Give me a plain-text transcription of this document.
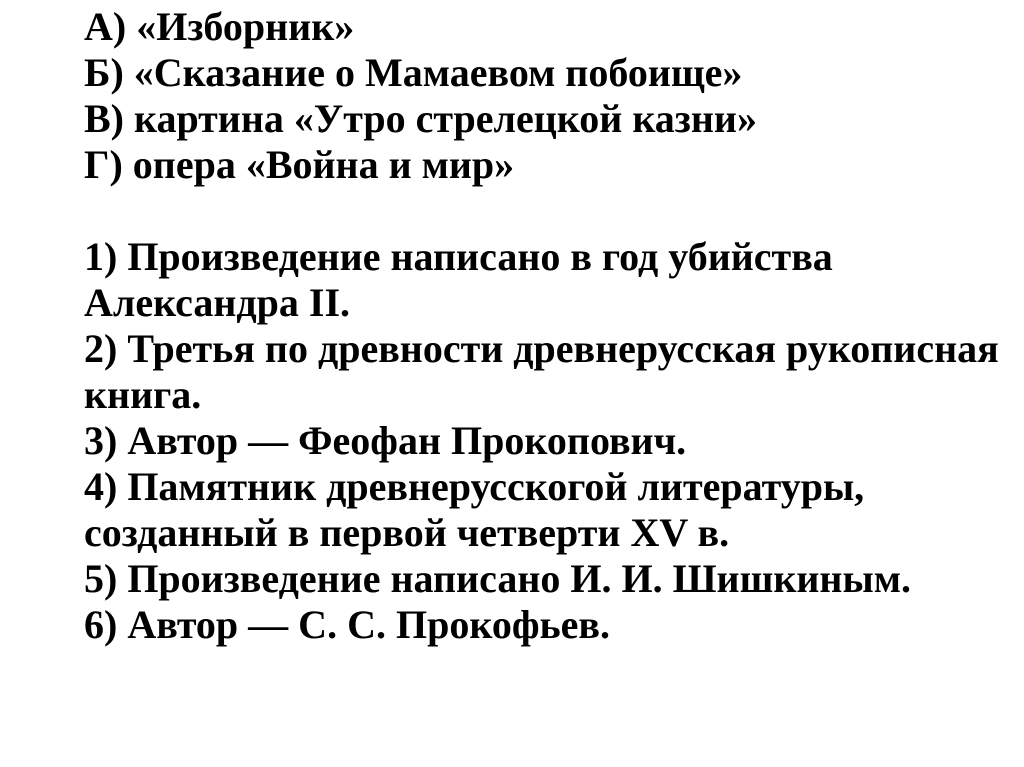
А) «Изборник»
Б) «Сказание о Мамаевом побоище»
В) картина «Утро стрелецкой казни»
Г) опера «Война и мир»
1) Произведение написано в год убийства
Александра II.
2) Третья по древности древнерусская рукописная
книга.
3) Автор — Феофан Прокопович.
4) Памятник древнерусскогой литературы,
созданный в первой четверти XV в.
5) Произведение написано И. И. Шишкиным.
6) Автор — С. С. Прокофьев.
